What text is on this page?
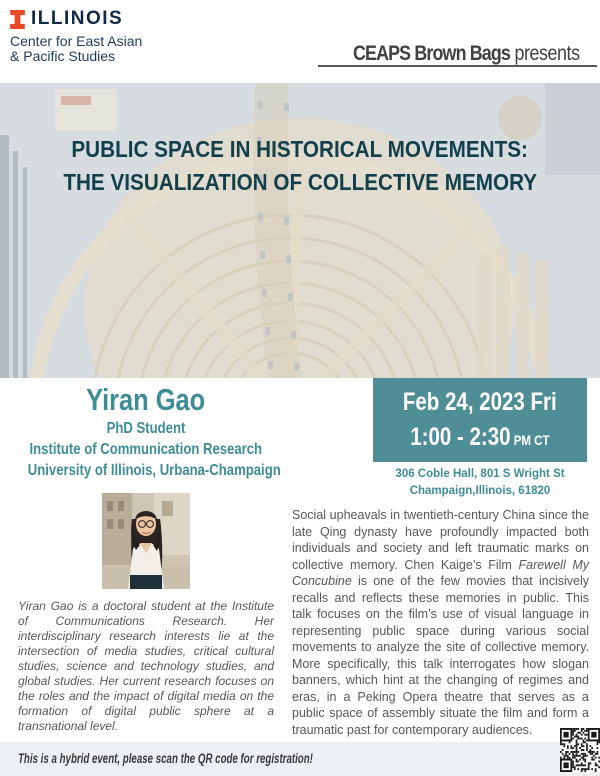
ILLINOIS
Center for East Asian
& Pacific Studies	CEAPS Brown Bags presents
PUBLIC SPACE IN HISTORICAL MOVEMENTS:
THE VISUALIZATION OF COLLECTIVE MEMORY
Yiran Gao
PhD Student
Institute of Communication Research
University of Illinois, Urbana-Champaign

Yiran Gao is a doctoral student at the Institute of Communications Research. Her interdisciplinary research interests lie at the intersection of media studies, critical cultural studies, science and technology studies, and global studies. Her current research focuses on the roles and the impact of digital media on the formation of digital public sphere at a transnational level.

Feb 24, 2023 Fri
1:00 - 2:30 PM CT
306 Coble Hall, 801 S Wright St
Champaign,Illinois, 61820

Social upheavals in twentieth-century China since the late Qing dynasty have profoundly impacted both individuals and society and left traumatic marks on collective memory. Chen Kaige’s Film Farewell My Concubine is one of the few movies that incisively recalls and reflects these memories in public. This talk focuses on the film’s use of visual language in representing public space during various social movements to analyze the site of collective memory. More specifically, this talk interrogates how slogan banners, which hint at the changing of regimes and eras, in a Peking Opera theatre that serves as a public space of assembly situate the film and form a traumatic past for contemporary audiences.

This is a hybrid event, please scan the QR code for registration!
